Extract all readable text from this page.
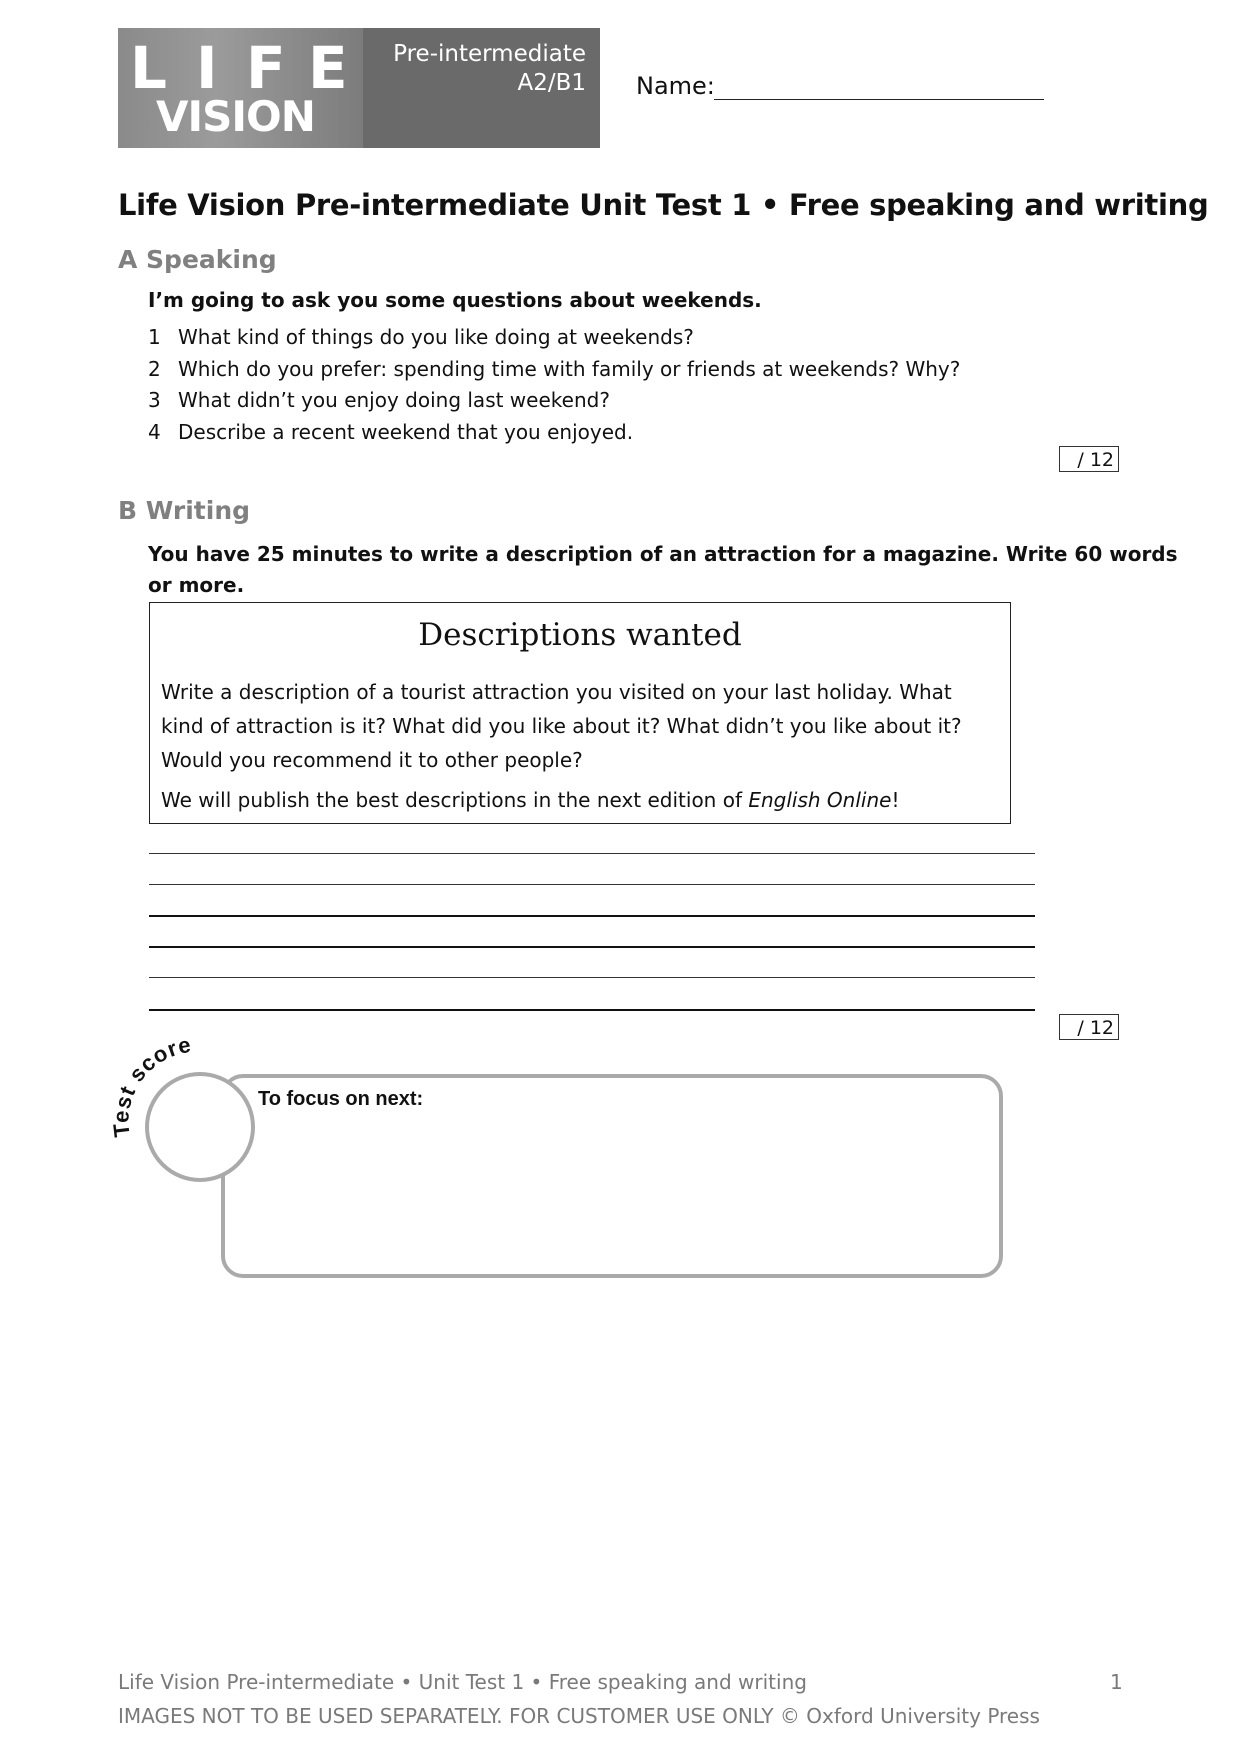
L I F E
VISION
Pre-intermediate
A2/B1 Name:
Life Vision Pre-intermediate Unit Test 1 • Free speaking and writing
A Speaking
I’m going to ask you some questions about weekends.
1 What kind of things do you like doing at weekends?
2 Which do you prefer: spending time with family or friends at weekends? Why?
3 What didn’t you enjoy doing last weekend?
4 Describe a recent weekend that you enjoyed.
/ 12
B Writing
You have 25 minutes to write a description of an attraction for a magazine. Write 60 words
or more.
Descriptions wanted

Write a description of a tourist attraction you visited on your last holiday. What kind of attraction is it? What did you like about it? What didn’t you like about it? Would you recommend it to other people?

We will publish the best descriptions in the next edition of English Online!

/ 12
To focus on next:
Test score
Life Vision Pre-intermediate • Unit Test 1 • Free speaking and writing	1
IMAGES NOT TO BE USED SEPARATELY. FOR CUSTOMER USE ONLY © Oxford University Press
